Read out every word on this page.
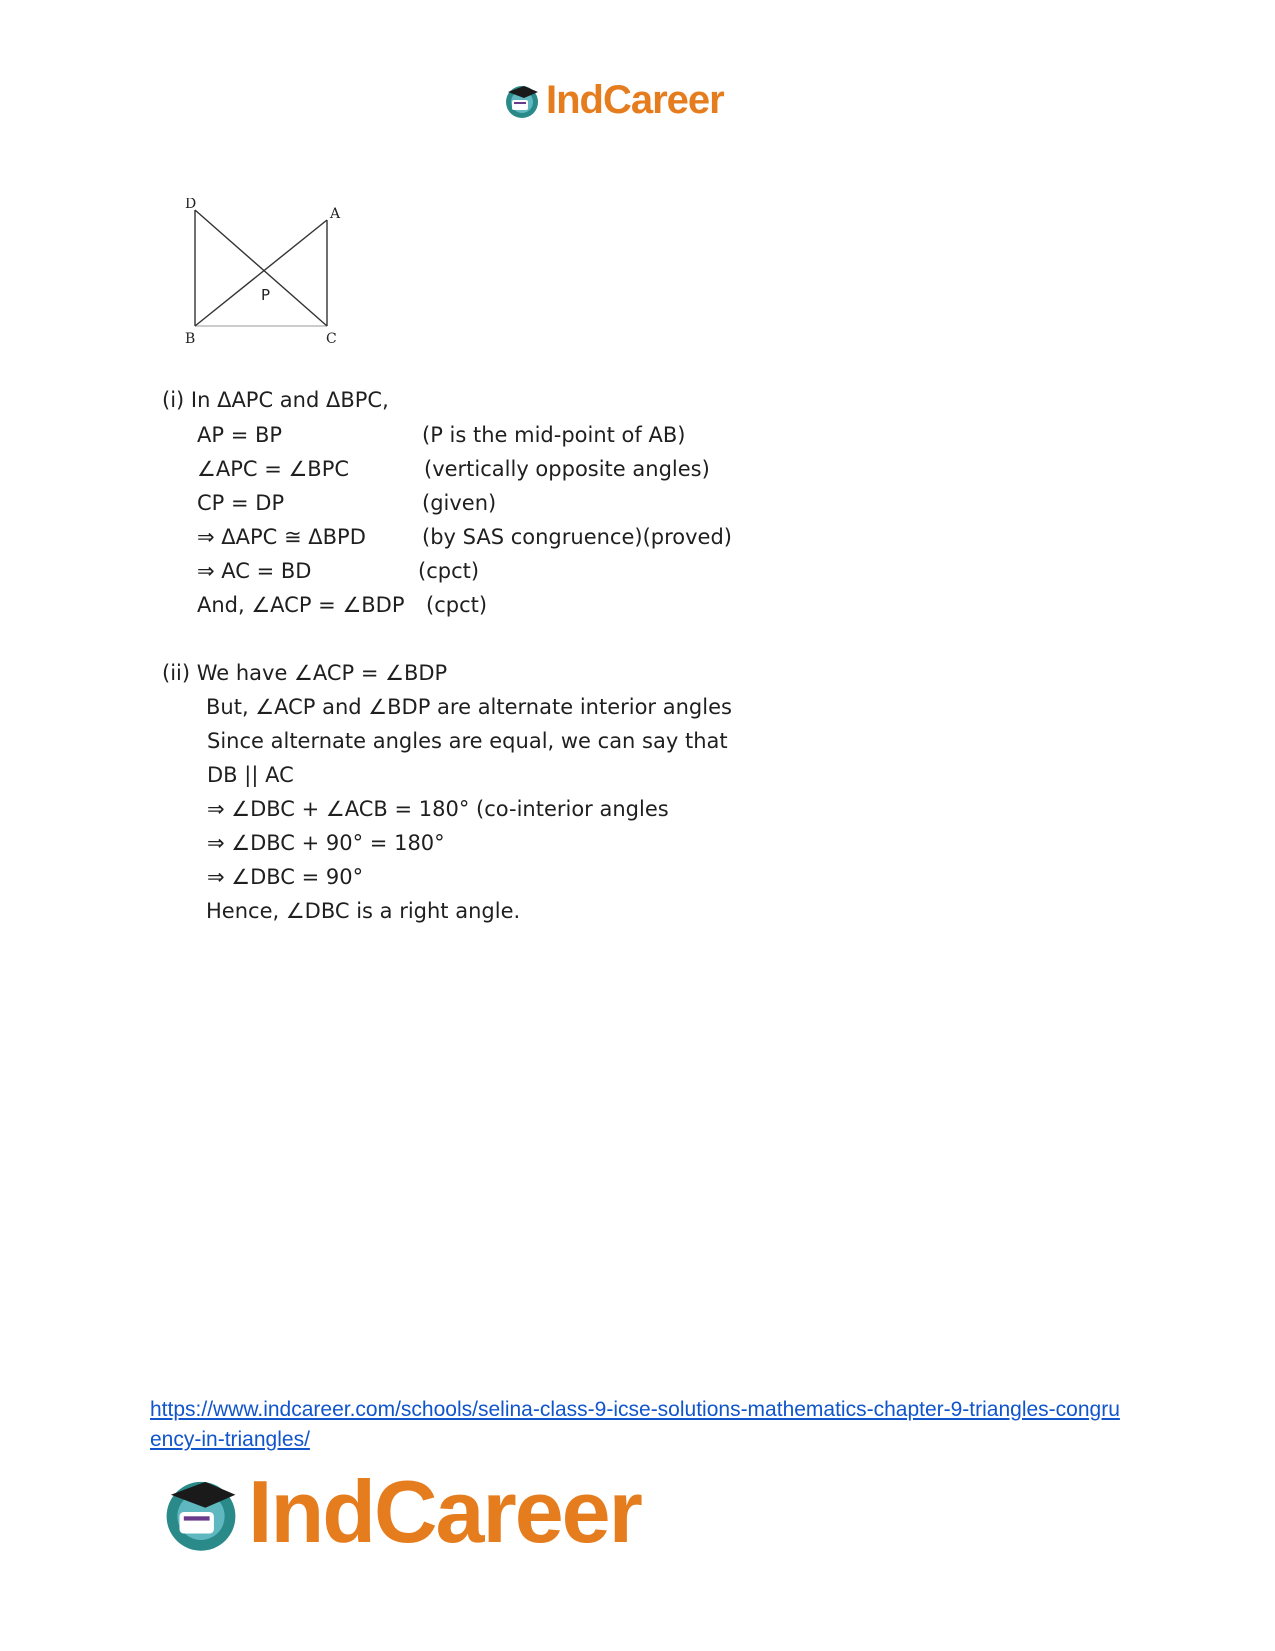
IndCareer
D
A
P
B	C
(i) In ΔAPC and ΔBPC,
AP = BP	(P is the mid-point of AB)
∠APC = ∠BPC	(vertically opposite angles)
CP = DP	(given)
⇒ ΔAPC ≅ ΔBPD	(by SAS congruence)(proved)
⇒ AC = BD	(cpct)
And, ∠ACP = ∠BDP (cpct)
(ii) We have ∠ACP = ∠BDP
But, ∠ACP and ∠BDP are alternate interior angles
Since alternate angles are equal, we can say that
DB || AC
⇒ ∠DBC + ∠ACB = 180° (co-interior angles
⇒ ∠DBC + 90° = 180°
⇒ ∠DBC = 90°
Hence, ∠DBC is a right angle.
https://www.indcareer.com/schools/selina-class-9-icse-solutions-mathematics-chapter-9-triangles-congruency-in-triangles/
IndCareer
